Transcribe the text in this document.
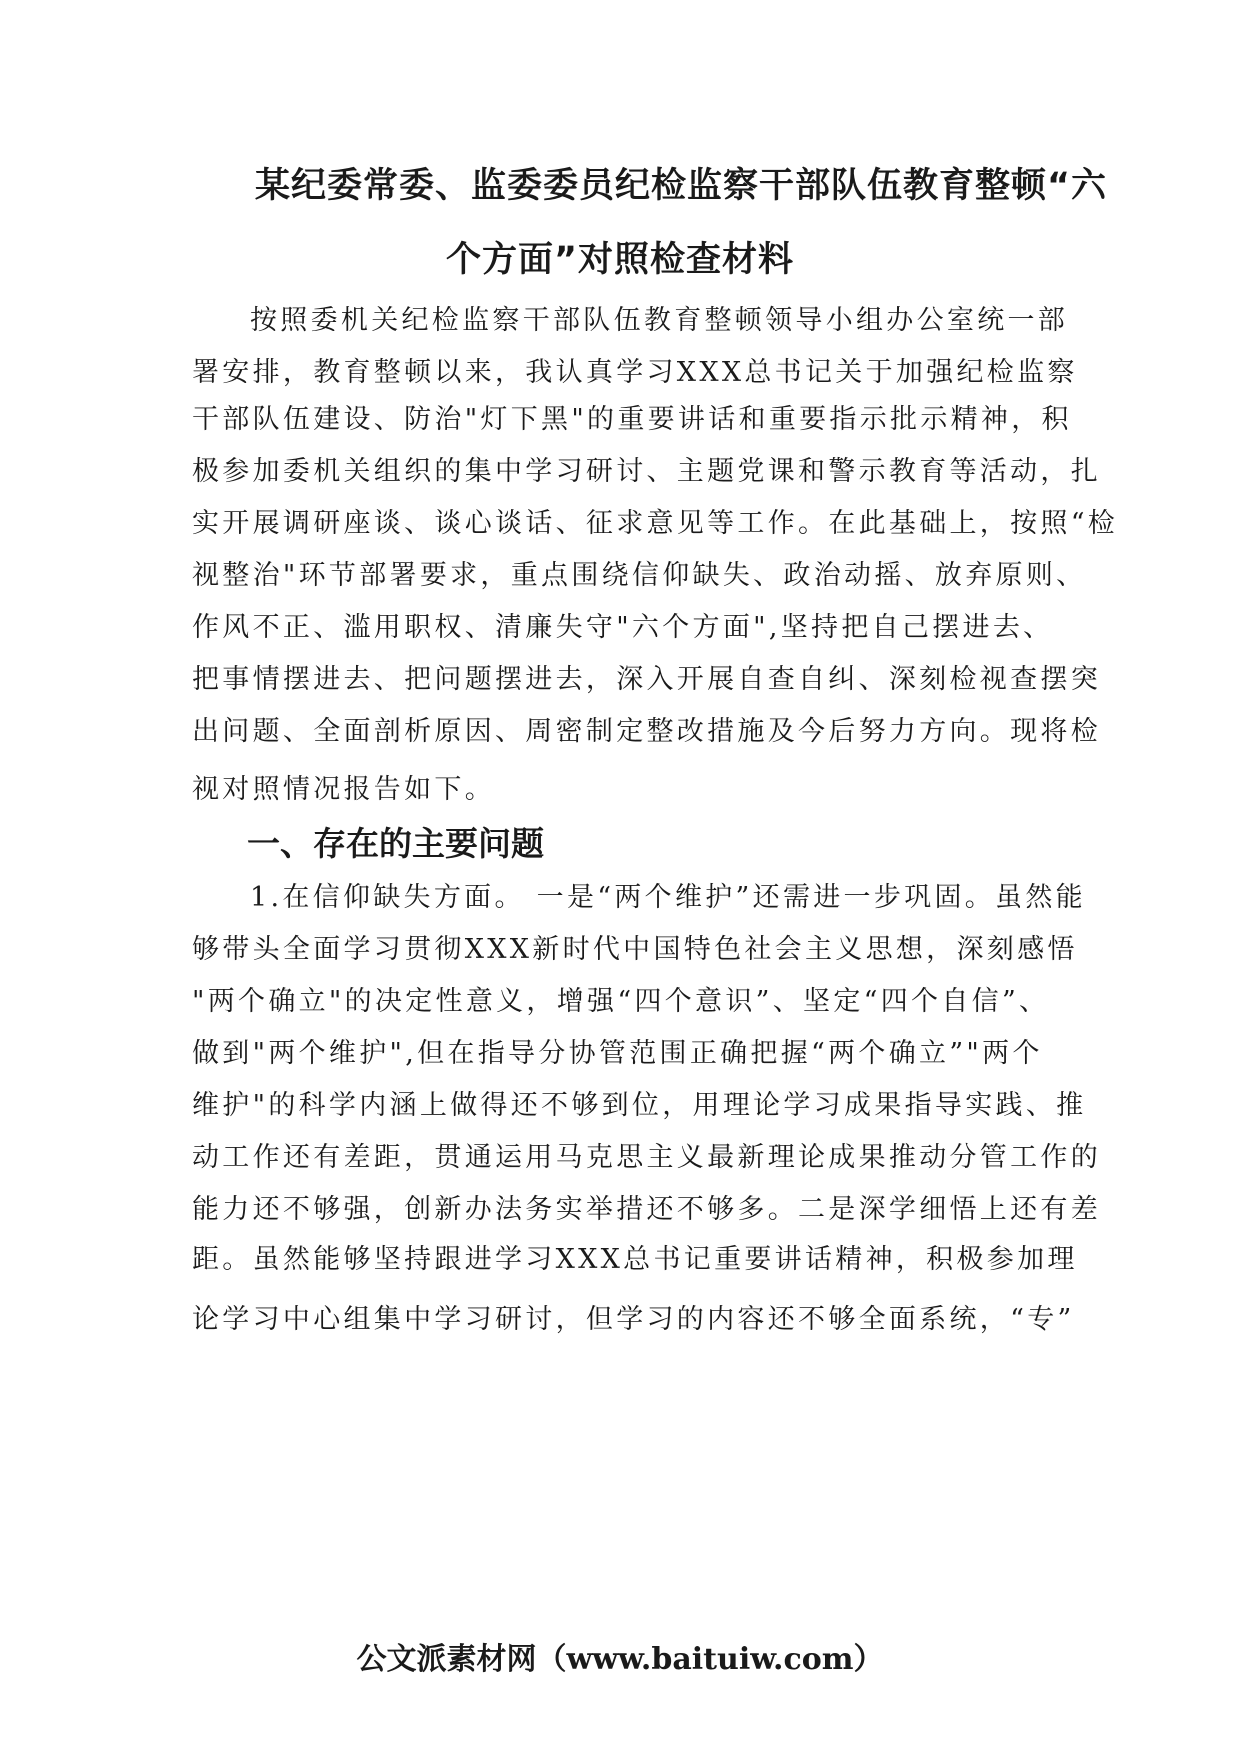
某纪委常委、监委委员纪检监察干部队伍教育整顿“六
个方面”对照检查材料
按照委机关纪检监察干部队伍教育整顿领导小组办公室统一部
署安排，教育整顿以来，我认真学习XXX总书记关于加强纪检监察
干部队伍建设、防治"灯下黑"的重要讲话和重要指示批示精神，积
极参加委机关组织的集中学习研讨、主题党课和警示教育等活动，扎
实开展调研座谈、谈心谈话、征求意见等工作。在此基础上，按照“检
视整治"环节部署要求，重点围绕信仰缺失、政治动摇、放弃原则、
作风不正、滥用职权、清廉失守"六个方面",坚持把自己摆进去、
把事情摆进去、把问题摆进去，深入开展自查自纠、深刻检视查摆突
出问题、全面剖析原因、周密制定整改措施及今后努力方向。现将检
视对照情况报告如下。
一、存在的主要问题
1.在信仰缺失方面。 一是“两个维护”还需进一步巩固。虽然能
够带头全面学习贯彻XXX新时代中国特色社会主义思想，深刻感悟
"两个确立"的决定性意义，增强“四个意识”、坚定“四个自信”、
做到"两个维护",但在指导分协管范围正确把握“两个确立”"两个
维护"的科学内涵上做得还不够到位，用理论学习成果指导实践、推
动工作还有差距，贯通运用马克思主义最新理论成果推动分管工作的
能力还不够强，创新办法务实举措还不够多。二是深学细悟上还有差
距。虽然能够坚持跟进学习XXX总书记重要讲话精神，积极参加理
论学习中心组集中学习研讨，但学习的内容还不够全面系统，“专”
公文派素材网（www.baituiw.com）
